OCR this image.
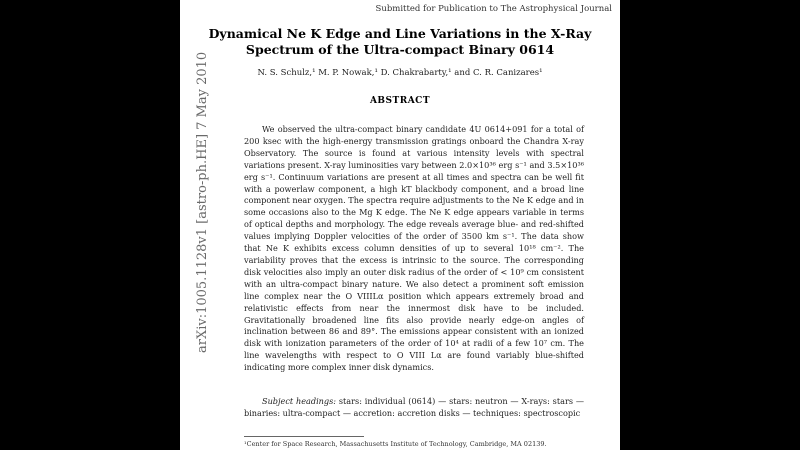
Submitted for Publication to The Astrophysical Journal
Dynamical Ne K Edge and Line Variations in the X-Ray
Spectrum of the Ultra-compact Binary 0614
N. S. Schulz,¹ M. P. Nowak,¹ D. Chakrabarty,¹ and C. R. Canizares¹
ABSTRACT

We observed the ultra-compact binary candidate 4U 0614+091 for a total of 200 ksec with the high-energy transmission gratings onboard the Chandra X-ray Observatory. The source is found at various intensity levels with spectral variations present. X-ray luminosities vary between 2.0×10³⁶ erg s⁻¹ and 3.5×10³⁶ erg s⁻¹. Continuum variations are present at all times and spectra can be well fit with a powerlaw component, a high kT blackbody component, and a broad line component near oxygen. The spectra require adjustments to the Ne K edge and in some occasions also to the Mg K edge. The Ne K edge appears variable in terms of optical depths and morphology. The edge reveals average blue- and red-shifted values implying Doppler velocities of the order of 3500 km s⁻¹. The data show that Ne K exhibits excess column densities of up to several 10¹⁸ cm⁻². The variability proves that the excess is intrinsic to the source. The corresponding disk velocities also imply an outer disk radius of the order of < 10⁹ cm consistent with an ultra-compact binary nature. We also detect a prominent soft emission line complex near the O VIIILα position which appears extremely broad and relativistic effects from near the innermost disk have to be included. Gravitationally broadened line fits also provide nearly edge-on angles of inclination between 86 and 89°. The emissions appear consistent with an ionized disk with ionization parameters of the order of 10⁴ at radii of a few 10⁷ cm. The line wavelengths with respect to O VIII Lα are found variably blue-shifted indicating more complex inner disk dynamics.

Subject headings: stars: individual (0614) — stars: neutron — X-rays: stars — binaries: ultra-compact — accretion: accretion disks — techniques: spectroscopic

¹Center for Space Research, Massachusetts Institute of Technology, Cambridge, MA 02139.
arXiv:1005.1128v1 [astro-ph.HE] 7 May 2010
